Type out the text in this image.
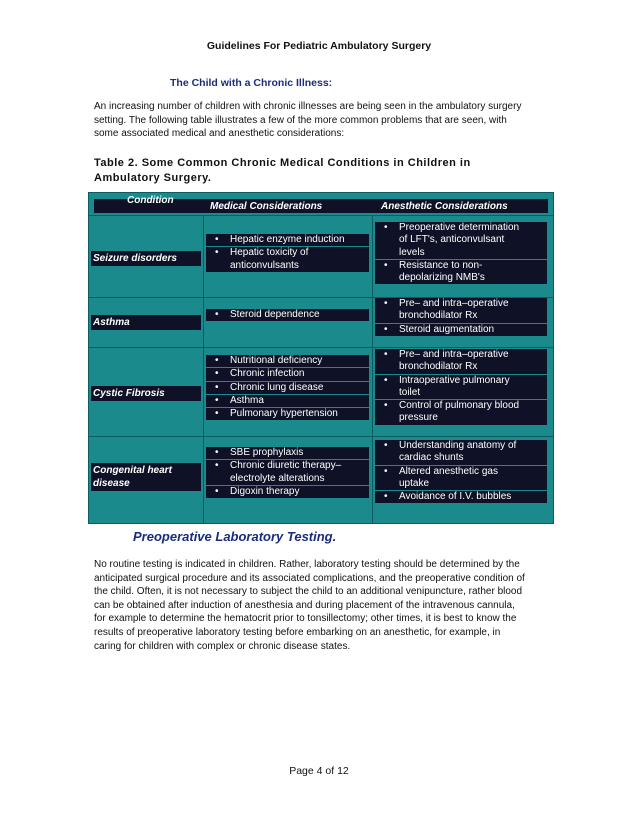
Guidelines For Pediatric Ambulatory Surgery
The Child with a Chronic Illness:
An increasing number of children with chronic illnesses are being seen in the ambulatory surgery
setting. The following table illustrates a few of the more common problems that are seen, with
some associated medical and anesthetic considerations:
Table 2. Some Common Chronic Medical Conditions in Children in
Ambulatory Surgery.
Condition
Medical Considerations	Anesthetic Considerations
Seizure disorders
• Hepatic enzyme induction
• Hepatic toxicity of
anticonvulsants
• Preoperative determination
of LFT's, anticonvulsant
levels
• Resistance to non-
depolarizing NMB's
Asthma
• Steroid dependence
• Pre– and intra–operative
bronchodilator Rx
• Steroid augmentation
Cystic Fibrosis
• Nutritional deficiency
• Chronic infection
• Chronic lung disease
• Asthma
• Pulmonary hypertension
• Pre– and intra–operative
bronchodilator Rx
• Intraoperative pulmonary
toilet
• Control of pulmonary blood
pressure
Congenital heart
disease
• SBE prophylaxis
• Chronic diuretic therapy–
electrolyte alterations
• Digoxin therapy
• Understanding anatomy of
cardiac shunts
• Altered anesthetic gas
uptake
• Avoidance of I.V. bubbles
Preoperative Laboratory Testing.
No routine testing is indicated in children. Rather, laboratory testing should be determined by the
anticipated surgical procedure and its associated complications, and the preoperative condition of
the child. Often, it is not necessary to subject the child to an additional venipuncture, rather blood
can be obtained after induction of anesthesia and during placement of the intravenous cannula,
for example to determine the hematocrit prior to tonsillectomy; other times, it is best to know the
results of preoperative laboratory testing before embarking on an anesthetic, for example, in
caring for children with complex or chronic disease states.
Page 4 of 12
